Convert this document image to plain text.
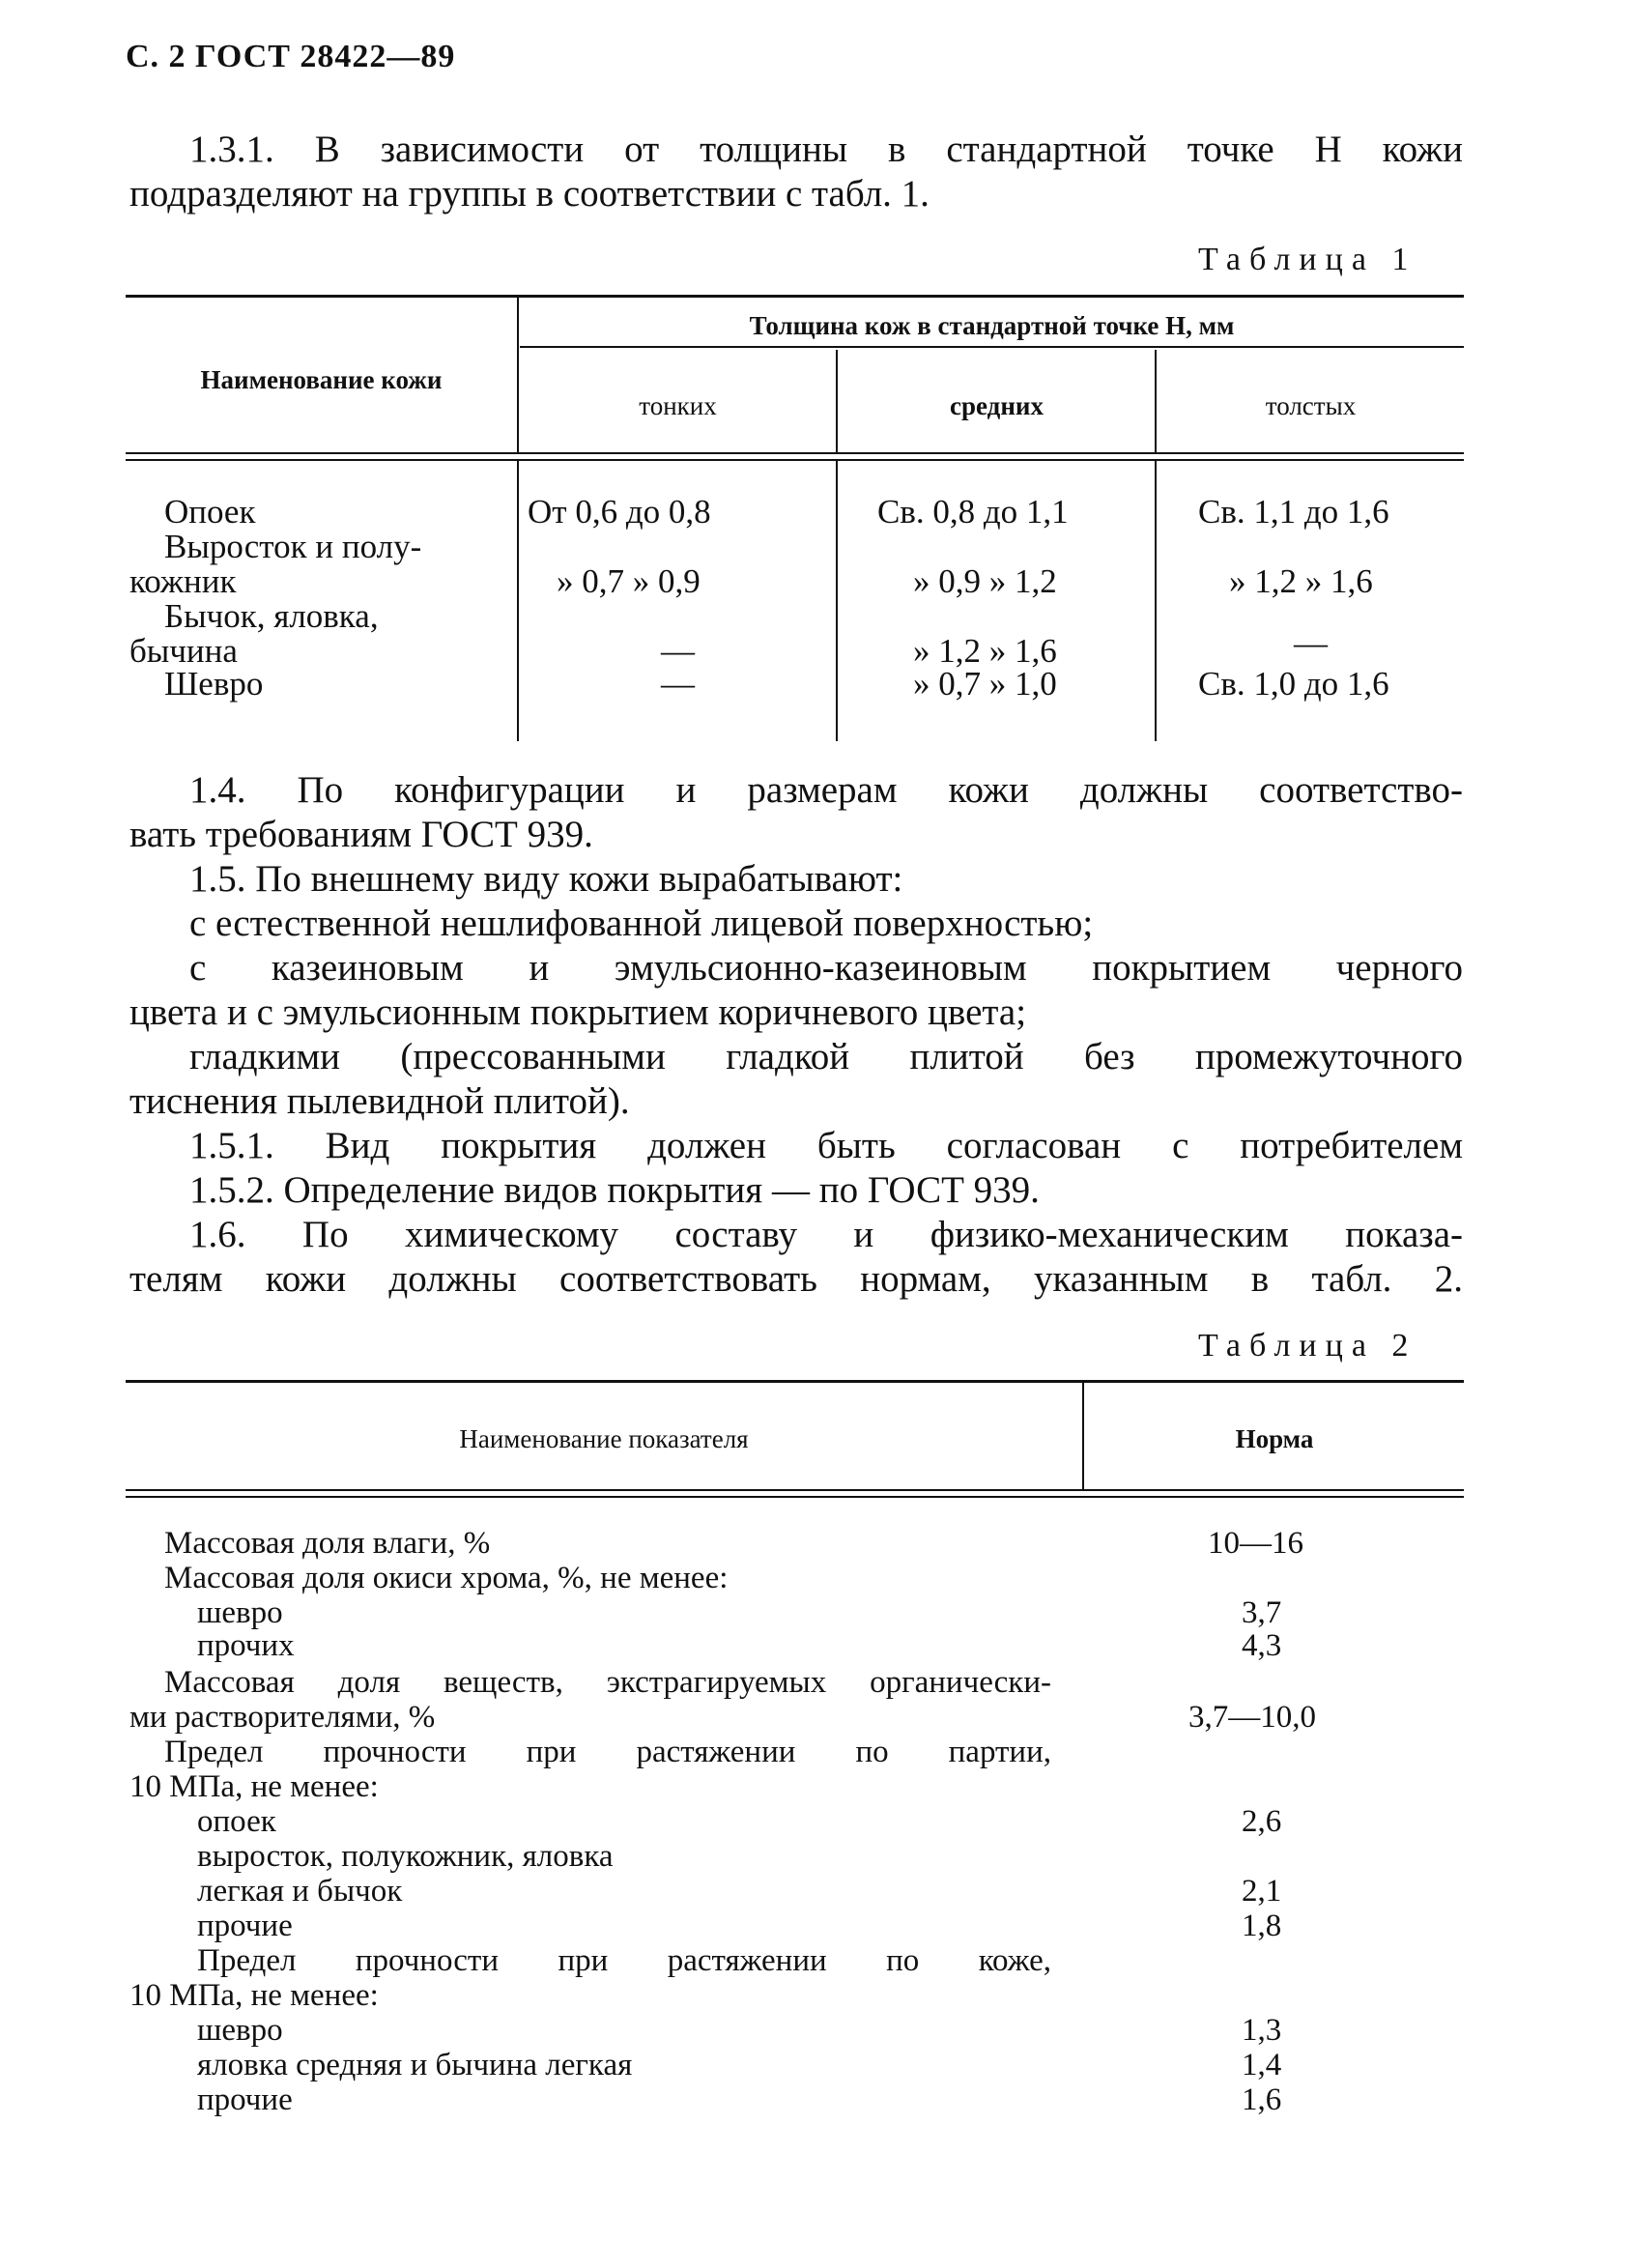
С. 2 ГОСТ 28422—89

1.3.1. В зависимости от толщины в стандартной точке H кожи

подразделяют на группы в соответствии с табл. 1.

Таблица 1
Наименование кожи
Толщина кож в стандартной точке H, мм
тонких	средних	толстых
Опоек	От 0,6 до 0,8	Св. 0,8 до 1,1	Св. 1,1 до 1,6
Выросток и полу-
кожник	» 0,7 » 0,9	» 0,9 » 1,2	» 1,2 » 1,6
Бычок, яловка,
бычина	—	» 1,2 » 1,6	—
Шевро	—	» 0,7 » 1,0	Св. 1,0 до 1,6

1.4. По конфигурации и размерам кожи должны соответство-

вать требованиям ГОСТ 939.

1.5. По внешнему виду кожи вырабатывают:

с естественной нешлифованной лицевой поверхностью;

с казеиновым и эмульсионно-казеиновым покрытием черного

цвета и с эмульсионным покрытием коричневого цвета;

гладкими (прессованными гладкой плитой без промежуточного

тиснения пылевидной плитой).

1.5.1. Вид покрытия должен быть согласован с потребителем

1.5.2. Определение видов покрытия — по ГОСТ 939.

1.6. По химическому составу и физико-механическим показа-

телям кожи должны соответствовать нормам, указанным в табл. 2.

Таблица 2
Наименование показателя	Норма
Массовая доля влаги, %	10—16
Массовая доля окиси хрома, %, не менее:
шевро	3,7
прочих	4,3
Массовая доля веществ, экстрагируемых органически-
ми растворителями, %	3,7—10,0
Предел прочности при растяжении по партии,
10 МПа, не менее:
опоек	2,6
выросток, полукожник, яловка
легкая и бычок	2,1
прочие	1,8
Предел прочности при растяжении по коже,
10 МПа, не менее:
шевро	1,3
яловка средняя и бычина легкая	1,4
прочие	1,6
